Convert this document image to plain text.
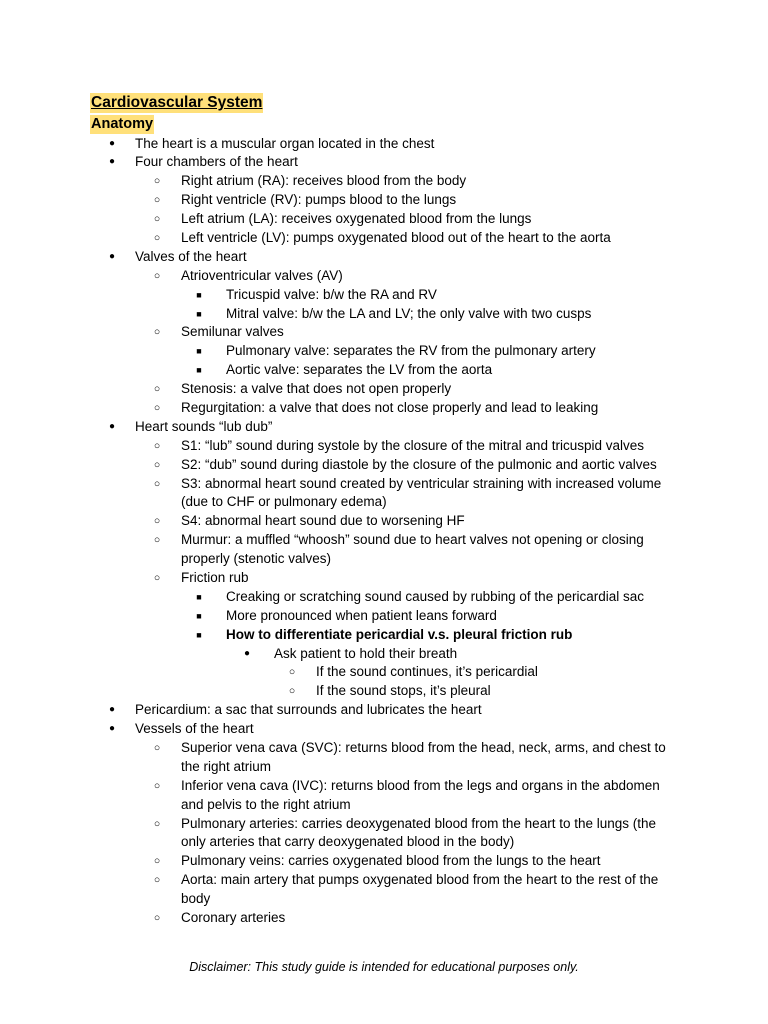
Cardiovascular System
Anatomy
● The heart is a muscular organ located in the chest
● Four chambers of the heart
○ Right atrium (RA): receives blood from the body
○ Right ventricle (RV): pumps blood to the lungs
○ Left atrium (LA): receives oxygenated blood from the lungs
○ Left ventricle (LV): pumps oxygenated blood out of the heart to the aorta
● Valves of the heart
○ Atrioventricular valves (AV)
■	Tricuspid valve: b/w the RA and RV
■	Mitral valve: b/w the LA and LV; the only valve with two cusps
○ Semilunar valves
■	Pulmonary valve: separates the RV from the pulmonary artery
■	Aortic valve: separates the LV from the aorta
○ Stenosis: a valve that does not open properly
○ Regurgitation: a valve that does not close properly and lead to leaking
● Heart sounds “lub dub”
○ S1: “lub” sound during systole by the closure of the mitral and tricuspid valves
○ S2: “dub” sound during diastole by the closure of the pulmonic and aortic valves
○ S3: abnormal heart sound created by ventricular straining with increased volume
(due to CHF or pulmonary edema)
○ S4: abnormal heart sound due to worsening HF
○ Murmur: a muffled “whoosh” sound due to heart valves not opening or closing
properly (stenotic valves)
○ Friction rub
■	Creaking or scratching sound caused by rubbing of the pericardial sac
■	More pronounced when patient leans forward
■	How to differentiate pericardial v.s. pleural friction rub
● Ask patient to hold their breath
○ If the sound continues, it’s pericardial
○ If the sound stops, it’s pleural
● Pericardium: a sac that surrounds and lubricates the heart
● Vessels of the heart
○ Superior vena cava (SVC): returns blood from the head, neck, arms, and chest to
the right atrium
○ Inferior vena cava (IVC): returns blood from the legs and organs in the abdomen
and pelvis to the right atrium
○ Pulmonary arteries: carries deoxygenated blood from the heart to the lungs (the
only arteries that carry deoxygenated blood in the body)
○ Pulmonary veins: carries oxygenated blood from the lungs to the heart
○ Aorta: main artery that pumps oxygenated blood from the heart to the rest of the
body
○ Coronary arteries
Disclaimer: This study guide is intended for educational purposes only.
